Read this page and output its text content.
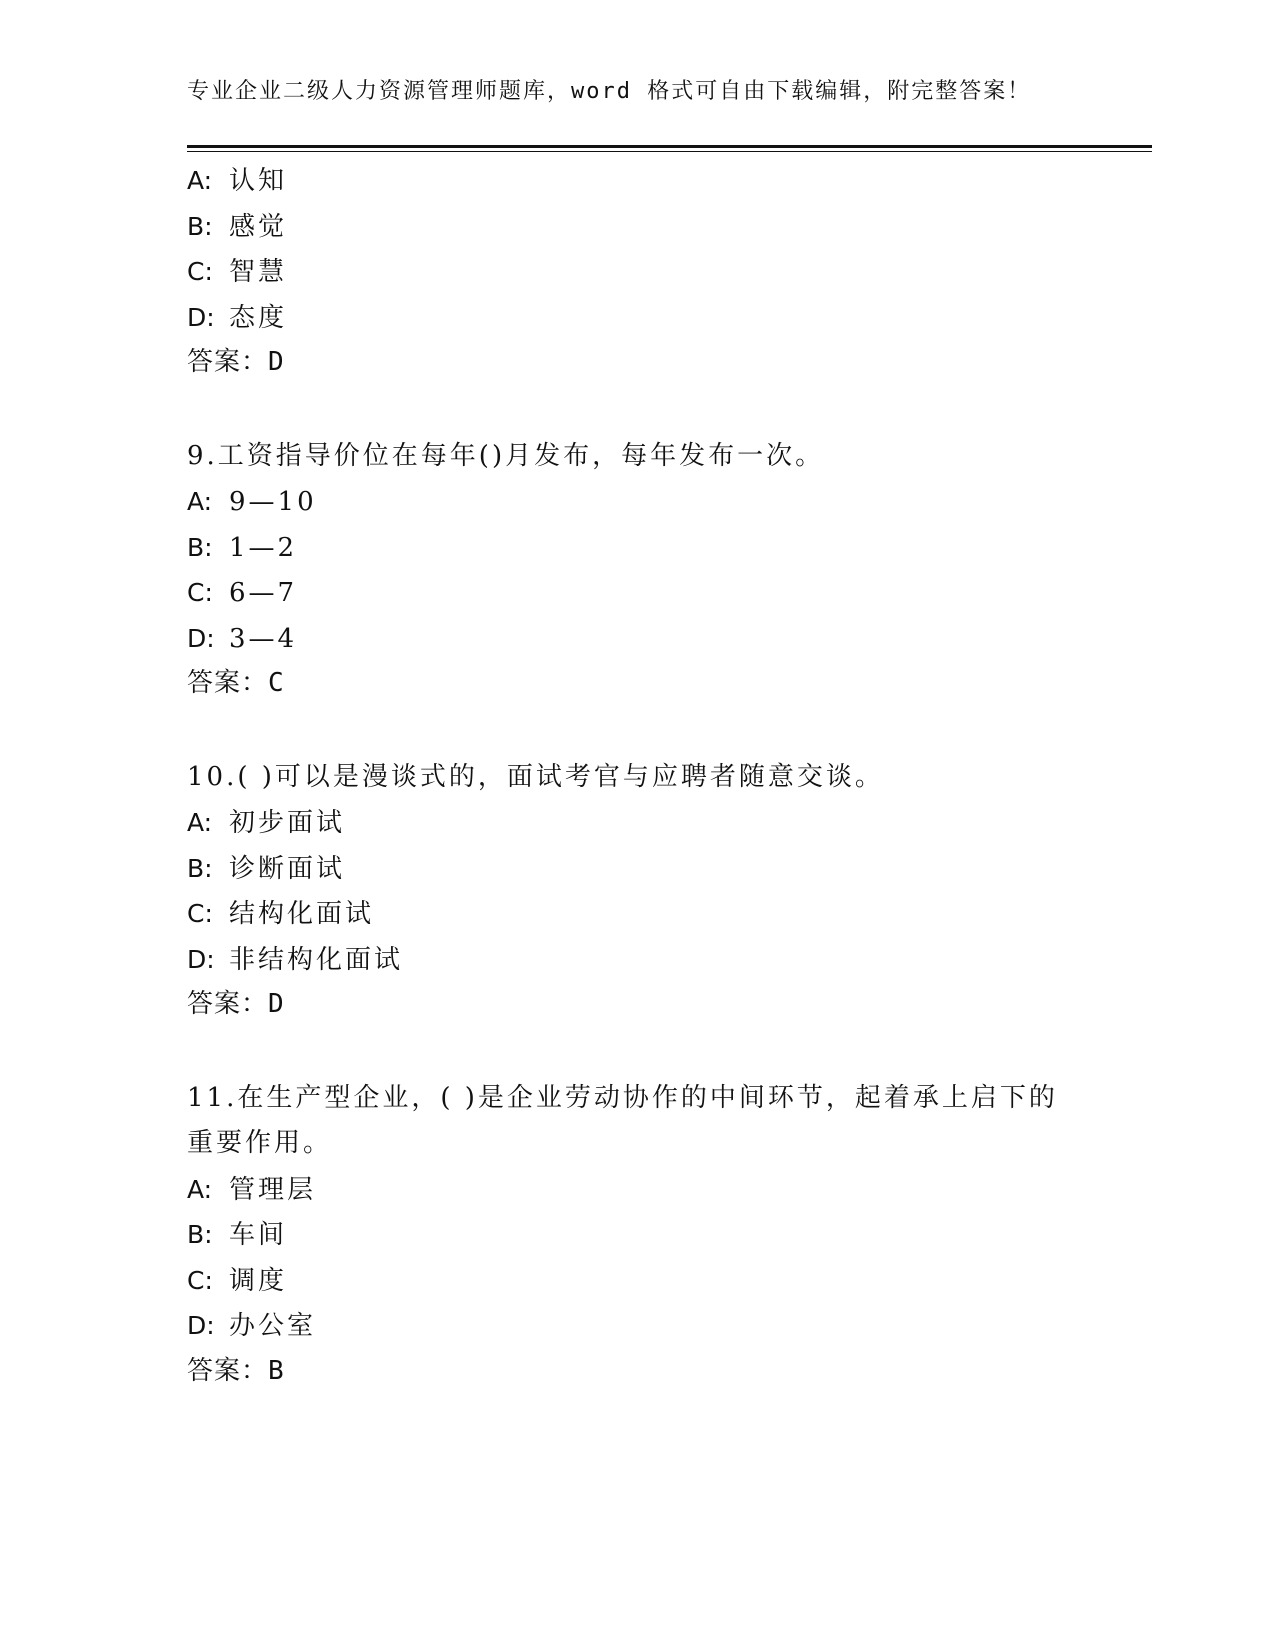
专业企业二级人力资源管理师题库，word 格式可自由下载编辑，附完整答案！
A: 认知
B: 感觉
C: 智慧
D: 态度
答案：D
9.工资指导价位在每年()月发布，每年发布一次。
A: 9—10
B: 1—2
C: 6—7
D: 3—4
答案：C
10.( )可以是漫谈式的，面试考官与应聘者随意交谈。
A: 初步面试
B: 诊断面试
C: 结构化面试
D: 非结构化面试
答案：D
11.在生产型企业，( )是企业劳动协作的中间环节，起着承上启下的
重要作用。
A: 管理层
B: 车间
C: 调度
D: 办公室
答案：B
